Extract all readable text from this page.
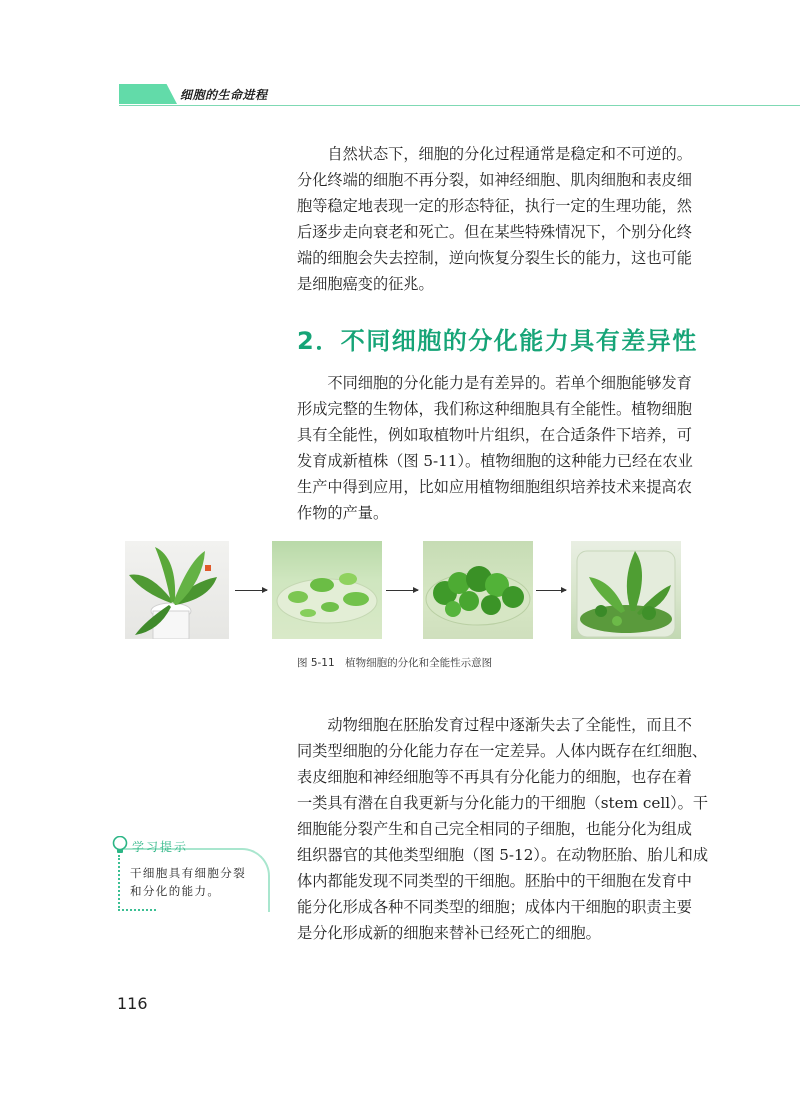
细胞的生命进程
　　自然状态下，细胞的分化过程通常是稳定和不可逆的。
分化终端的细胞不再分裂，如神经细胞、肌肉细胞和表皮细
胞等稳定地表现一定的形态特征，执行一定的生理功能，然
后逐步走向衰老和死亡。但在某些特殊情况下，个别分化终
端的细胞会失去控制，逆向恢复分裂生长的能力，这也可能
是细胞癌变的征兆。
2．不同细胞的分化能力具有差异性
　　不同细胞的分化能力是有差异的。若单个细胞能够发育
形成完整的生物体，我们称这种细胞具有全能性。植物细胞
具有全能性，例如取植物叶片组织，在合适条件下培养，可
发育成新植株（图 5-11）。植物细胞的这种能力已经在农业
生产中得到应用，比如应用植物细胞组织培养技术来提高农
作物的产量。
图 5-11　植物细胞的分化和全能性示意图
　　动物细胞在胚胎发育过程中逐渐失去了全能性，而且不
同类型细胞的分化能力存在一定差异。人体内既存在红细胞、
表皮细胞和神经细胞等不再具有分化能力的细胞，也存在着
一类具有潜在自我更新与分化能力的干细胞（stem cell）。干
细胞能分裂产生和自己完全相同的子细胞，也能分化为组成
组织器官的其他类型细胞（图 5-12）。在动物胚胎、胎儿和成
体内都能发现不同类型的干细胞。胚胎中的干细胞在发育中
能分化形成各种不同类型的细胞；成体内干细胞的职责主要
是分化形成新的细胞来替补已经死亡的细胞。
学习提示

干细胞具有细胞分裂
和分化的能力。

116
